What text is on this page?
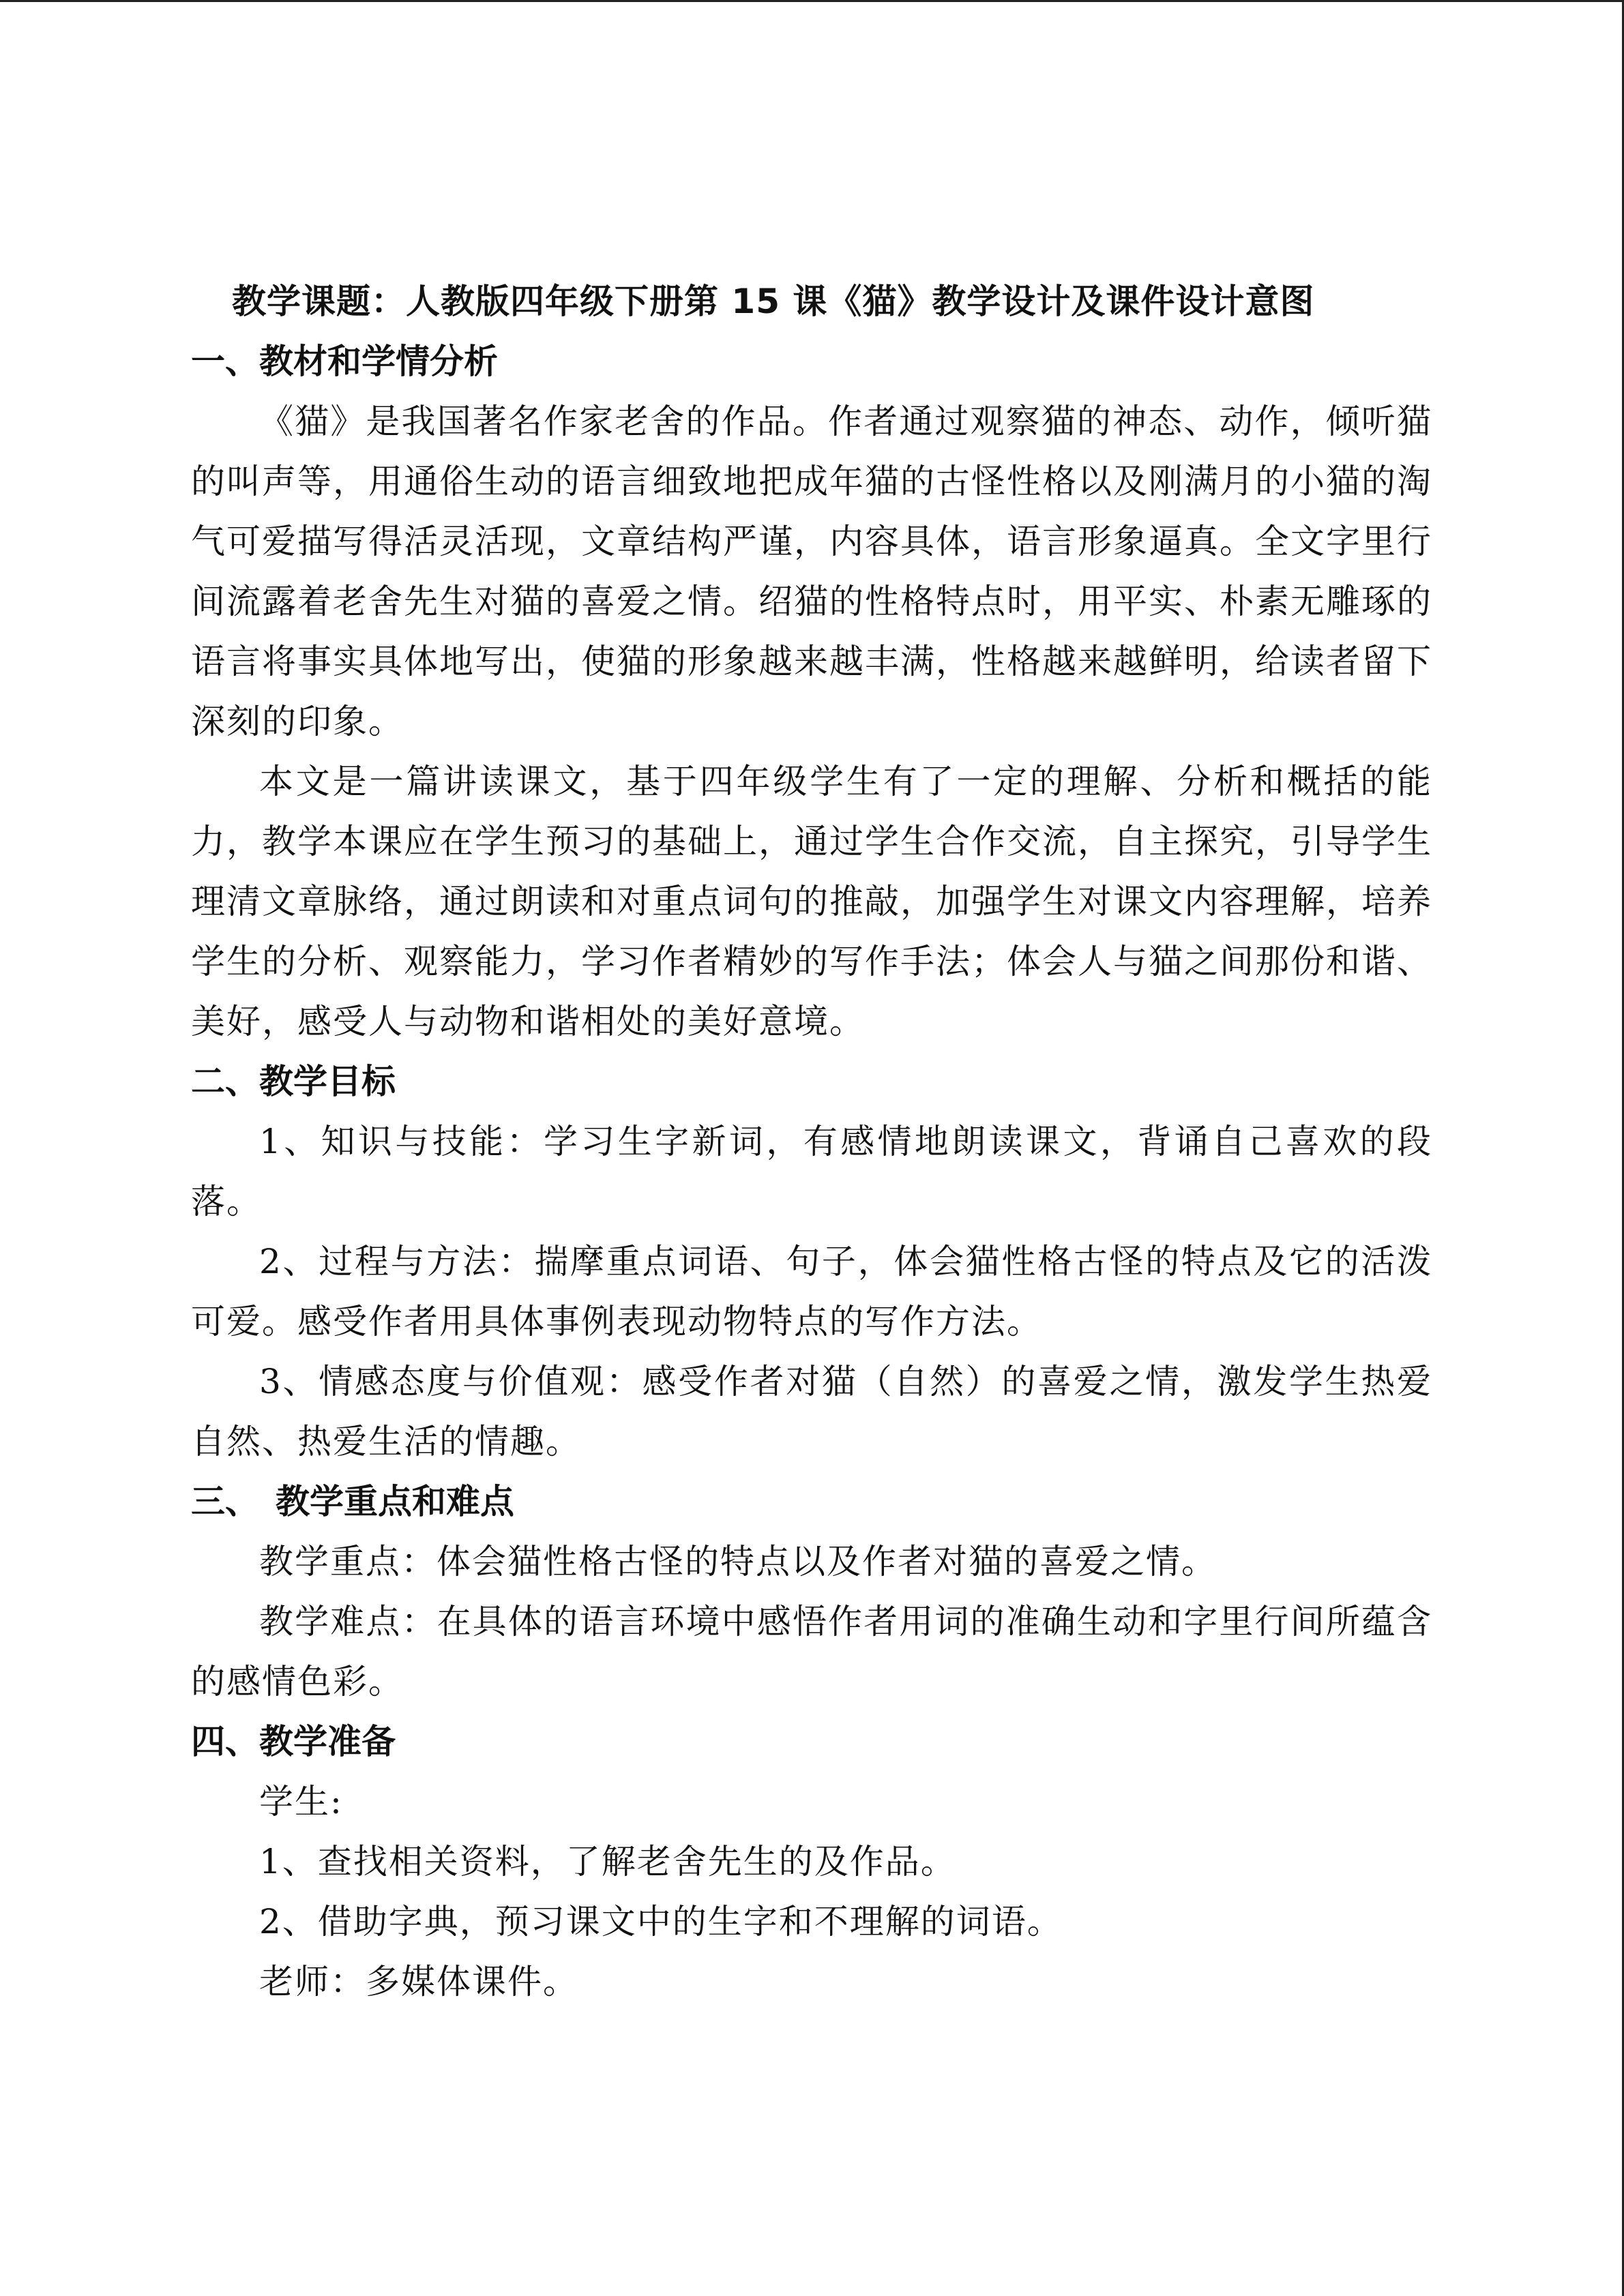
教学课题：人教版四年级下册第 15 课《猫》教学设计及课件设计意图
一、教材和学情分析

《猫》是我国著名作家老舍的作品。作者通过观察猫的神态、动作，倾听猫的叫声等，用通俗生动的语言细致地把成年猫的古怪性格以及刚满月的小猫的淘气可爱描写得活灵活现，文章结构严谨，内容具体，语言形象逼真。全文字里行间流露着老舍先生对猫的喜爱之情。绍猫的性格特点时，用平实、朴素无雕琢的语言将事实具体地写出，使猫的形象越来越丰满，性格越来越鲜明，给读者留下深刻的印象。

本文是一篇讲读课文，基于四年级学生有了一定的理解、分析和概括的能力，教学本课应在学生预习的基础上，通过学生合作交流，自主探究，引导学生理清文章脉络，通过朗读和对重点词句的推敲，加强学生对课文内容理解，培养学生的分析、观察能力，学习作者精妙的写作手法；体会人与猫之间那份和谐、美好，感受人与动物和谐相处的美好意境。

二、教学目标

1、知识与技能：学习生字新词，有感情地朗读课文，背诵自己喜欢的段落。

2、过程与方法：揣摩重点词语、句子，体会猫性格古怪的特点及它的活泼可爱。感受作者用具体事例表现动物特点的写作方法。

3、情感态度与价值观：感受作者对猫（自然）的喜爱之情，激发学生热爱自然、热爱生活的情趣。

三、 教学重点和难点

教学重点：体会猫性格古怪的特点以及作者对猫的喜爱之情。

教学难点：在具体的语言环境中感悟作者用词的准确生动和字里行间所蕴含的感情色彩。

四、教学准备

学生:

1、查找相关资料，了解老舍先生的及作品。

2、借助字典，预习课文中的生字和不理解的词语。

老师：多媒体课件。
